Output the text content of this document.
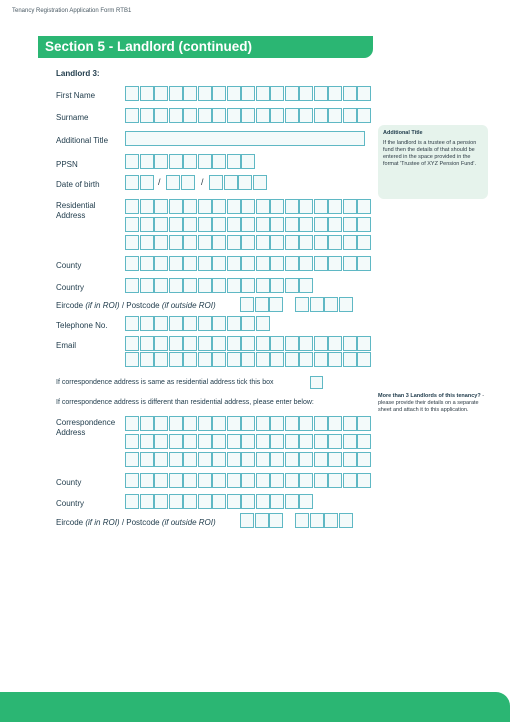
Tenancy Registration Application Form RTB1
Section 5 - Landlord (continued)
Landlord 3:
First Name
Surname
Additional Title
PPSN
Date of birth	/	/
Residential
Address
County
Country
Eircode (if in ROI) / Postcode (if outside ROI)
Telephone No.
Email
If correspondence address is same as residential address tick this box
If correspondence address is different than residential address, please enter below:
Correspondence
Address
County
Country
Eircode (if in ROI) / Postcode (if outside ROI)
Additional Title
If the landlord is a trustee of a pension fund then the details of that should be entered in the space provided in the format 'Trustee of XYZ Pension Fund'.
More than 3 Landlords of this tenancy? - please provide their details on a separate sheet and attach it to this application.
